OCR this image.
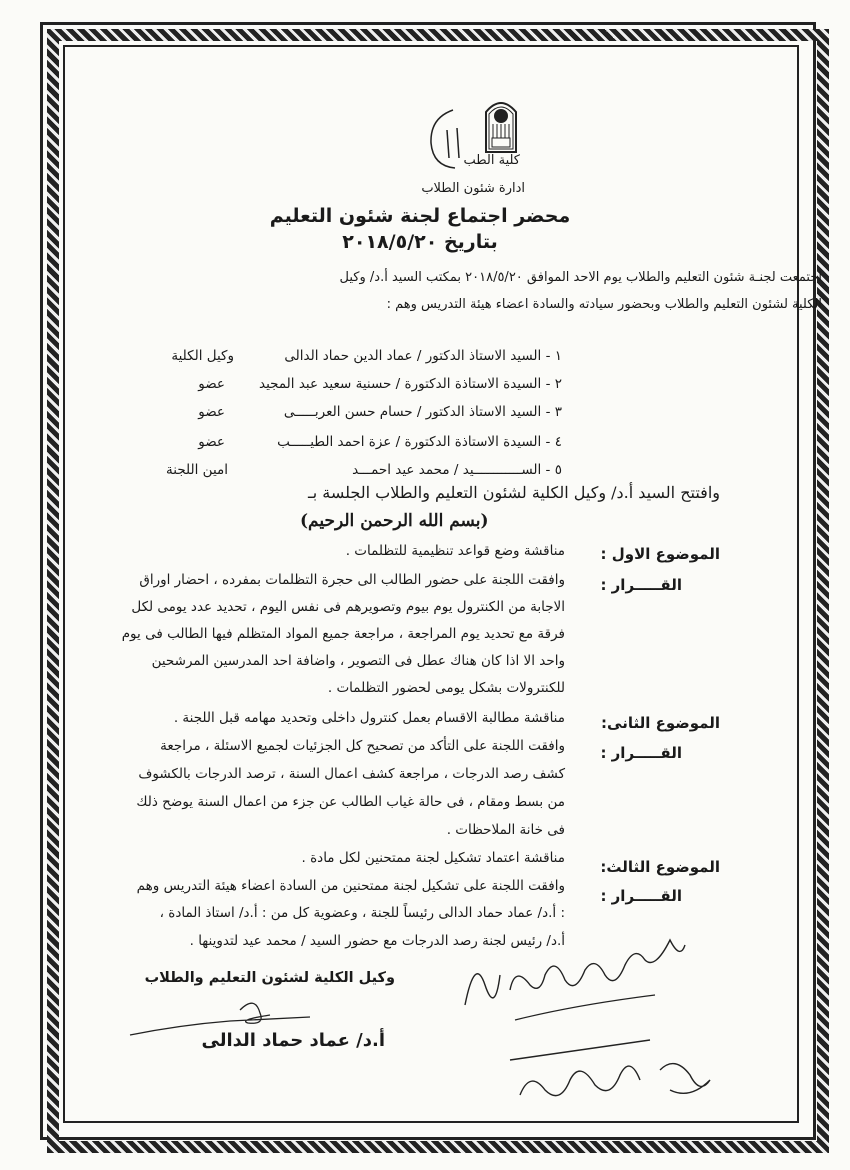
كلية الطب
ادارة شئون الطلاب
محضر اجتماع لجنة شئون التعليم
بتاريخ ٢٠١٨/٥/٢٠
اجتمعت لجنـة شئون التعليم والطلاب يوم الاحد الموافق ٢٠١٨/٥/٢٠ بمكتب السيد أ.د/ وكيل
الكلية لشئون التعليم والطلاب وبحضور سيادته والسادة اعضاء هيئة التدريس وهم :
١ - السيد الاستاذ الدكتور / عماد الدين حماد الدالى
وكيل الكلية
٢ - السيدة الاستاذة الدكتورة / حسنية سعيد عبد المجيد
عضو
٣ - السيد الاستاذ الدكتور / حسام حسن العربـــــى
عضو
٤ - السيدة الاستاذة الدكتورة / عزة احمد الطيـــــب
عضو
٥ - الســــــــــــيد / محمد عيد احمـــد
امين اللجنة
وافتتح السيد أ.د/ وكيل الكلية لشئون التعليم والطلاب الجلسة بـ
(بسم الله الرحمن الرحيم)
الموضوع الاول :
مناقشة وضع قواعد تنظيمية للتظلمات .
القـــــرار :
وافقت اللجنة على حضور الطالب الى حجرة التظلمات بمفرده ، احضار اوراق
الاجابة من الكنترول يوم بيوم وتصويرهم فى نفس اليوم ، تحديد عدد يومى لكل
فرقة مع تحديد يوم المراجعة ، مراجعة جميع المواد المتظلم فيها الطالب فى يوم
واحد الا اذا كان هناك عطل فى التصوير ، واضافة احد المدرسين المرشحين
للكنترولات بشكل يومى لحضور التظلمات .
الموضوع الثانى:
مناقشة مطالبة الاقسام بعمل كنترول داخلى وتحديد مهامه قبل اللجنة .
القـــــرار :
وافقت اللجنة على التأكد من تصحيح كل الجزئيات لجميع الاسئلة ، مراجعة
كشف رصد الدرجات ، مراجعة كشف اعمال السنة ، ترصد الدرجات بالكشوف
من بسط ومقام ، فى حالة غياب الطالب عن جزء من اعمال السنة يوضح ذلك
فى خانة الملاحظات .
الموضوع الثالث:
مناقشة اعتماد تشكيل لجنة ممتحنين لكل مادة .
القـــــرار :
وافقت اللجنة على تشكيل لجنة ممتحنين من السادة اعضاء هيئة التدريس وهم
: أ.د/ عماد حماد الدالى رئيساً للجنة ، وعضوية كل من : أ.د/ استاذ المادة ،
أ.د/ رئيس لجنة رصد الدرجات مع حضور السيد / محمد عيد لتدوينها .
وكيل الكلية لشئون التعليم والطلاب
أ.د/ عماد حماد الدالى
